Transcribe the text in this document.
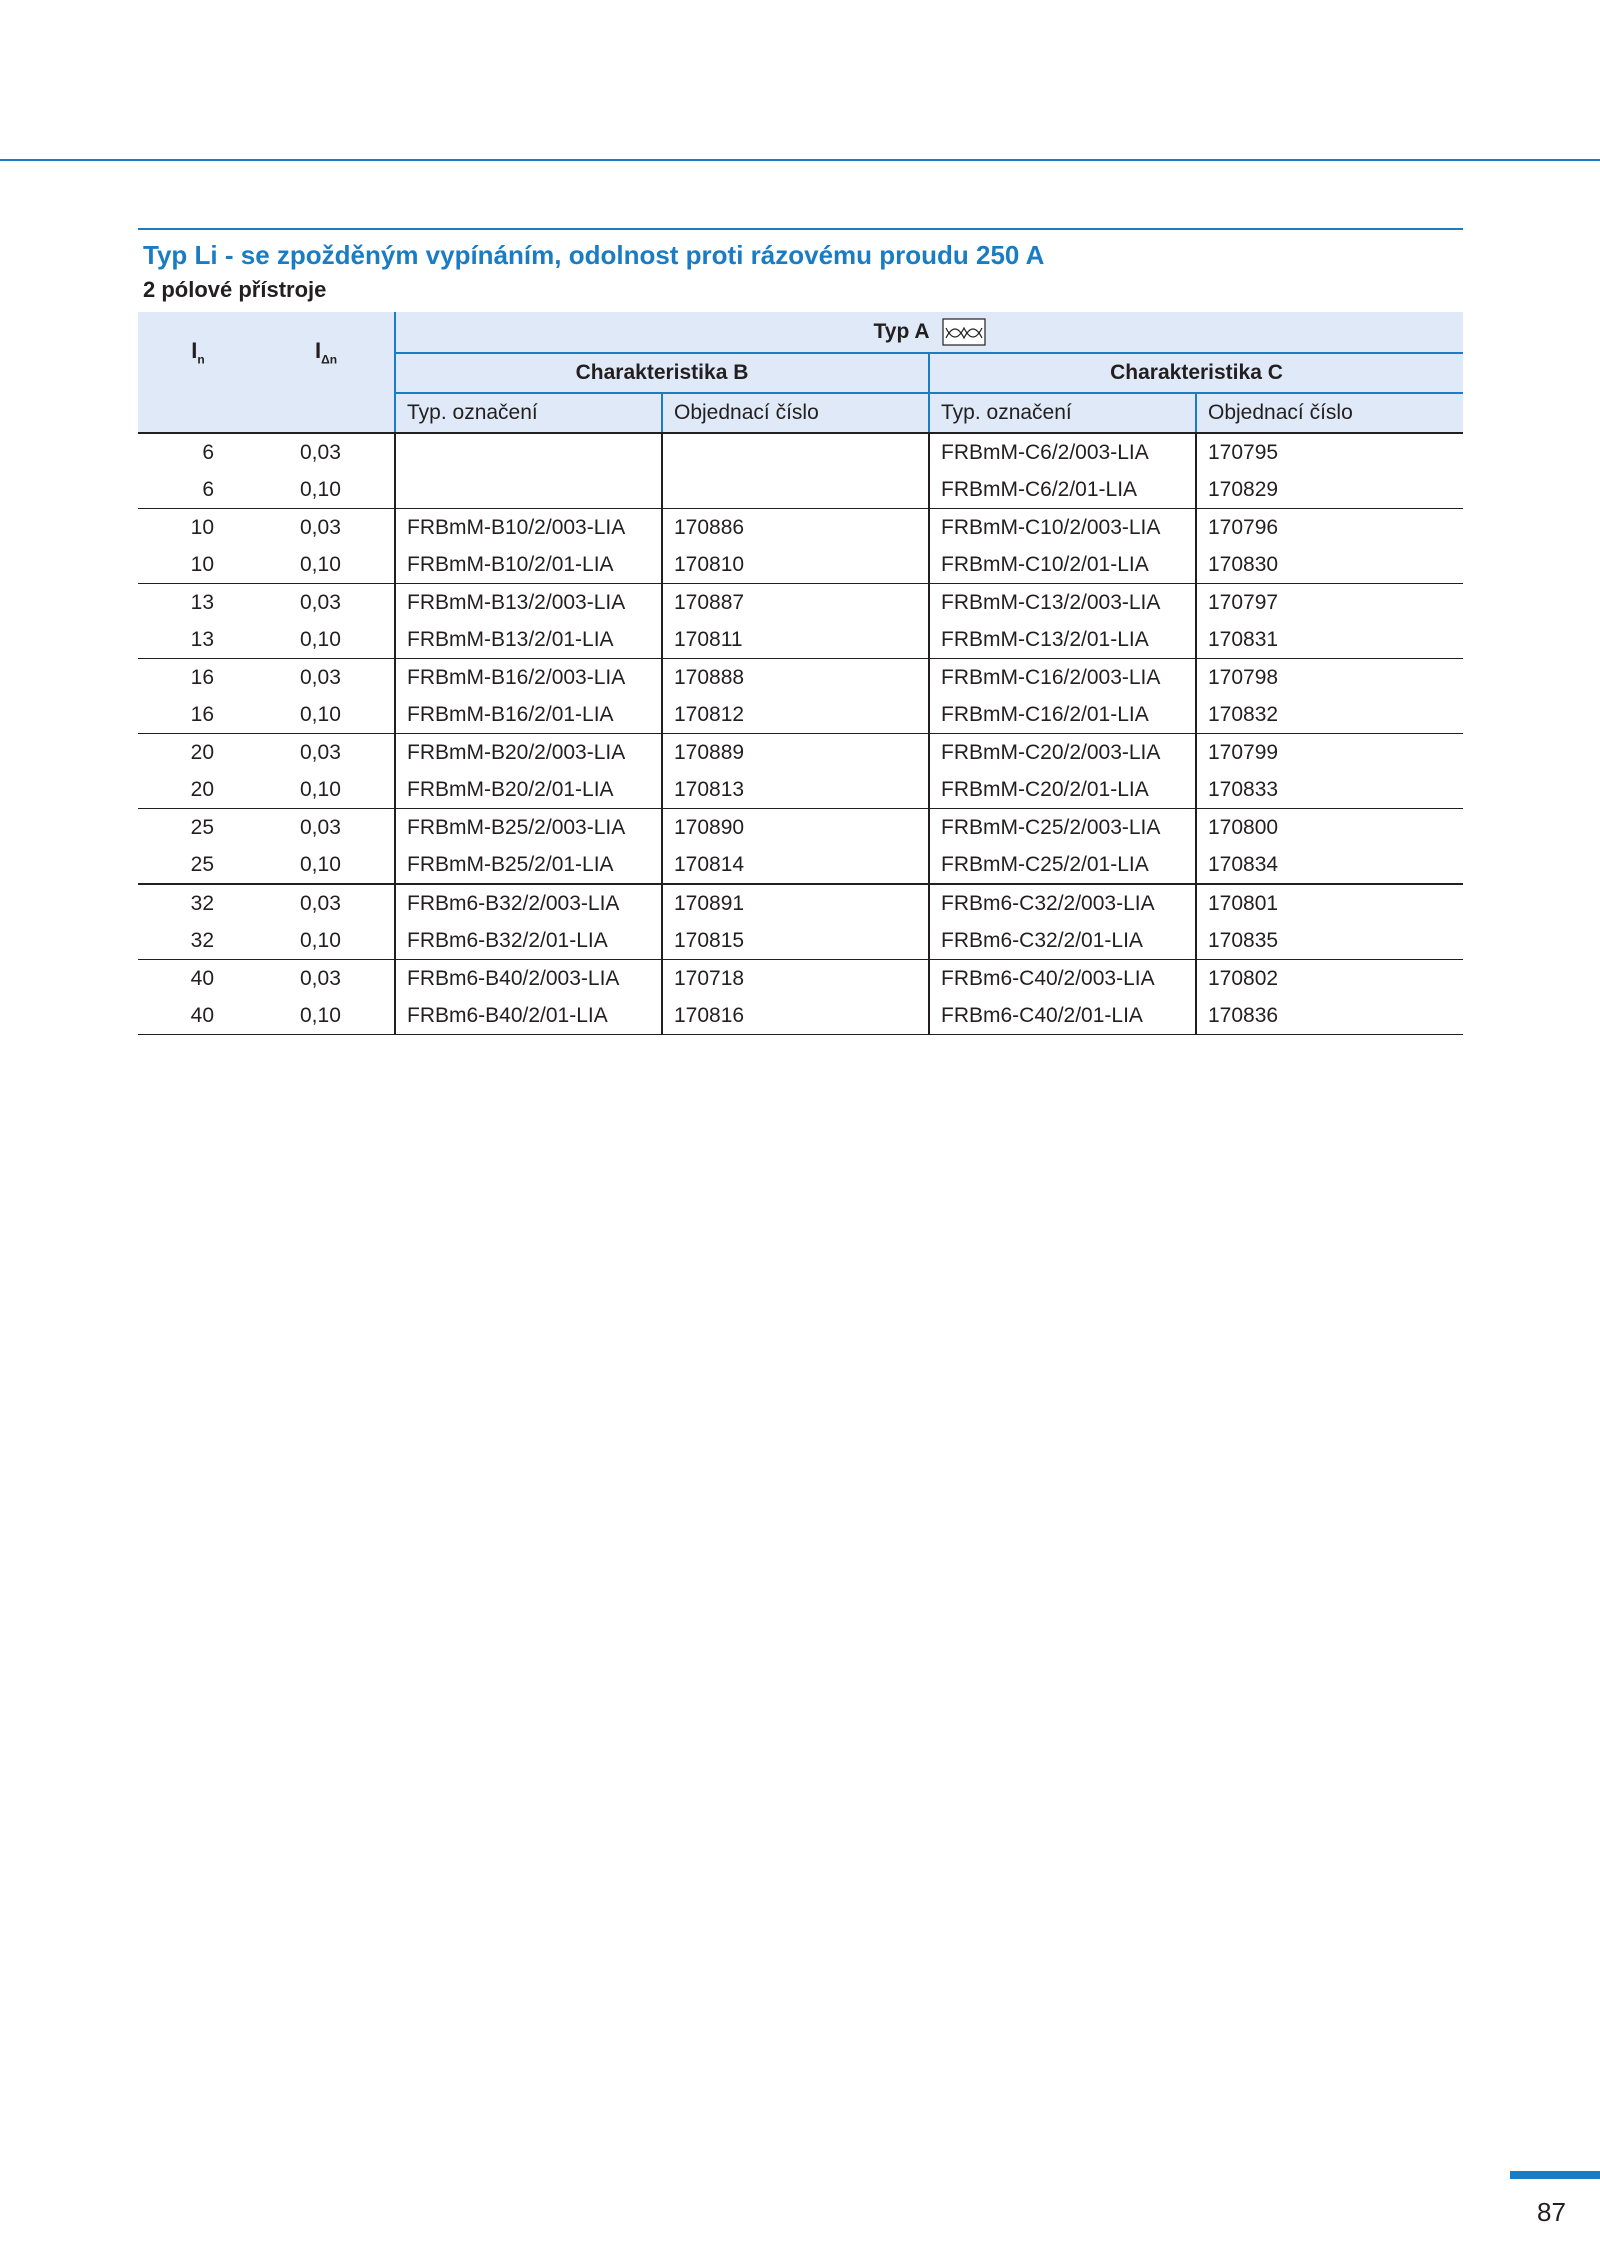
Typ Li - se zpožděným vypínáním, odolnost proti rázovému proudu 250 A
2 pólové přístroje
$I_n$	$I_{\Delta n}$	Typ A			

		Charakteristika B		Charakteristika C	
		Typ. označení	Objednací číslo	Typ. označení	Objednací číslo
6	0,03			FRBmM-C6/2/003-LIA	170795
6	0,10			FRBmM-C6/2/01-LIA	170829
10	0,03	FRBmM-B10/2/003-LIA	170886	FRBmM-C10/2/003-LIA	170796
10	0,10	FRBmM-B10/2/01-LIA	170810	FRBmM-C10/2/01-LIA	170830
13	0,03	FRBmM-B13/2/003-LIA	170887	FRBmM-C13/2/003-LIA	170797
13	0,10	FRBmM-B13/2/01-LIA	170811	FRBmM-C13/2/01-LIA	170831
16	0,03	FRBmM-B16/2/003-LIA	170888	FRBmM-C16/2/003-LIA	170798
16	0,10	FRBmM-B16/2/01-LIA	170812	FRBmM-C16/2/01-LIA	170832
20	0,03	FRBmM-B20/2/003-LIA	170889	FRBmM-C20/2/003-LIA	170799
20	0,10	FRBmM-B20/2/01-LIA	170813	FRBmM-C20/2/01-LIA	170833
25	0,03	FRBmM-B25/2/003-LIA	170890	FRBmM-C25/2/003-LIA	170800
25	0,10	FRBmM-B25/2/01-LIA	170814	FRBmM-C25/2/01-LIA	170834
32	0,03	FRBm6-B32/2/003-LIA	170891	FRBm6-C32/2/003-LIA	170801
32	0,10	FRBm6-B32/2/01-LIA	170815	FRBm6-C32/2/01-LIA	170835
40	0,03	FRBm6-B40/2/003-LIA	170718	FRBm6-C40/2/003-LIA	170802
40	0,10	FRBm6-B40/2/01-LIA	170816	FRBm6-C40/2/01-LIA	170836

87
